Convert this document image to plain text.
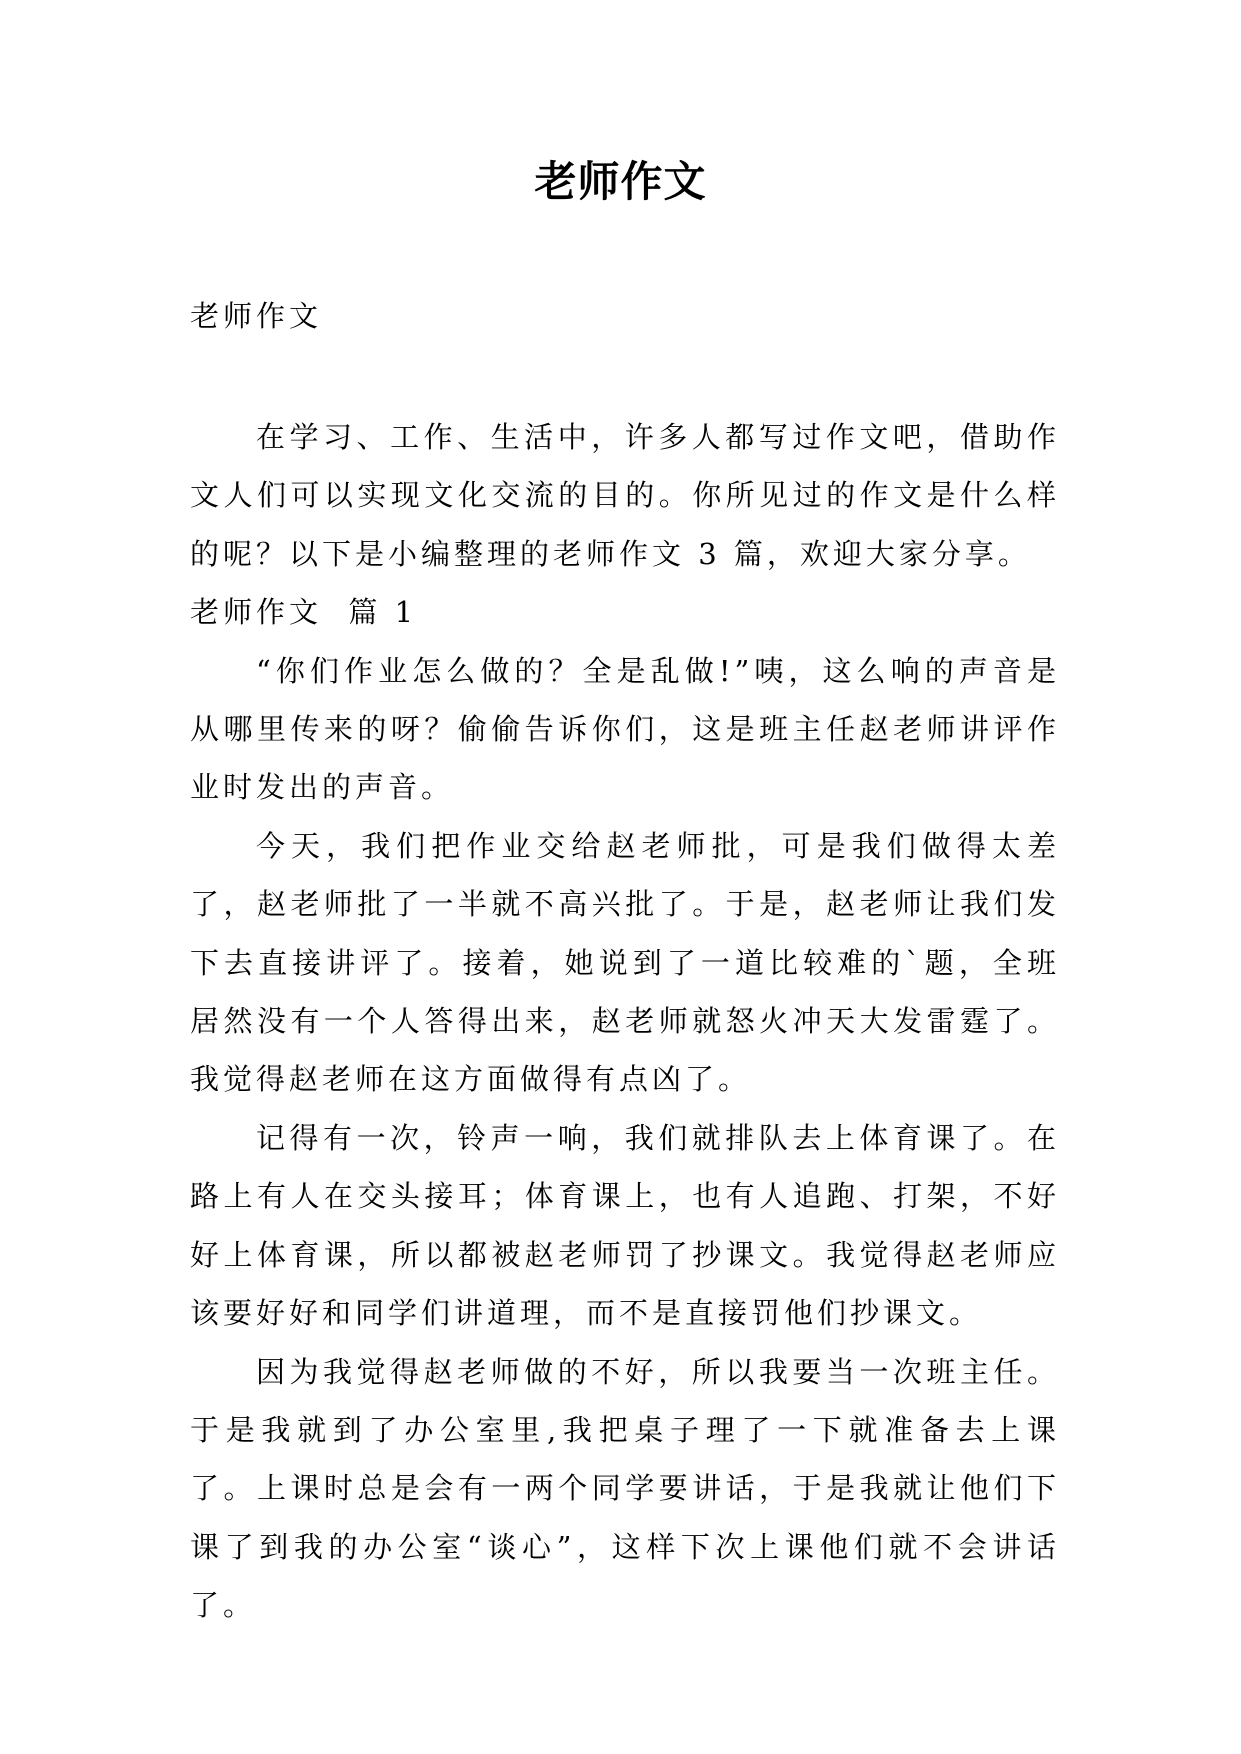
老师作文
老师作文

在学习、工作、生活中，许多人都写过作文吧，借助作文人们可以实现文化交流的目的。你所见过的作文是什么样的呢？以下是小编整理的老师作文 3 篇，欢迎大家分享。

老师作文  篇 1

“你们作业怎么做的？全是乱做!”咦，这么响的声音是从哪里传来的呀？偷偷告诉你们，这是班主任赵老师讲评作业时发出的声音。

今天，我们把作业交给赵老师批，可是我们做得太差了，赵老师批了一半就不高兴批了。于是，赵老师让我们发下去直接讲评了。接着，她说到了一道比较难的`题，全班居然没有一个人答得出来，赵老师就怒火冲天大发雷霆了。我觉得赵老师在这方面做得有点凶了。

记得有一次，铃声一响，我们就排队去上体育课了。在路上有人在交头接耳；体育课上，也有人追跑、打架，不好好上体育课，所以都被赵老师罚了抄课文。我觉得赵老师应该要好好和同学们讲道理，而不是直接罚他们抄课文。

因为我觉得赵老师做的不好，所以我要当一次班主任。于是我就到了办公室里,我把桌子理了一下就准备去上课了。上课时总是会有一两个同学要讲话，于是我就让他们下课了到我的办公室“谈心”，这样下次上课他们就不会讲话了。
